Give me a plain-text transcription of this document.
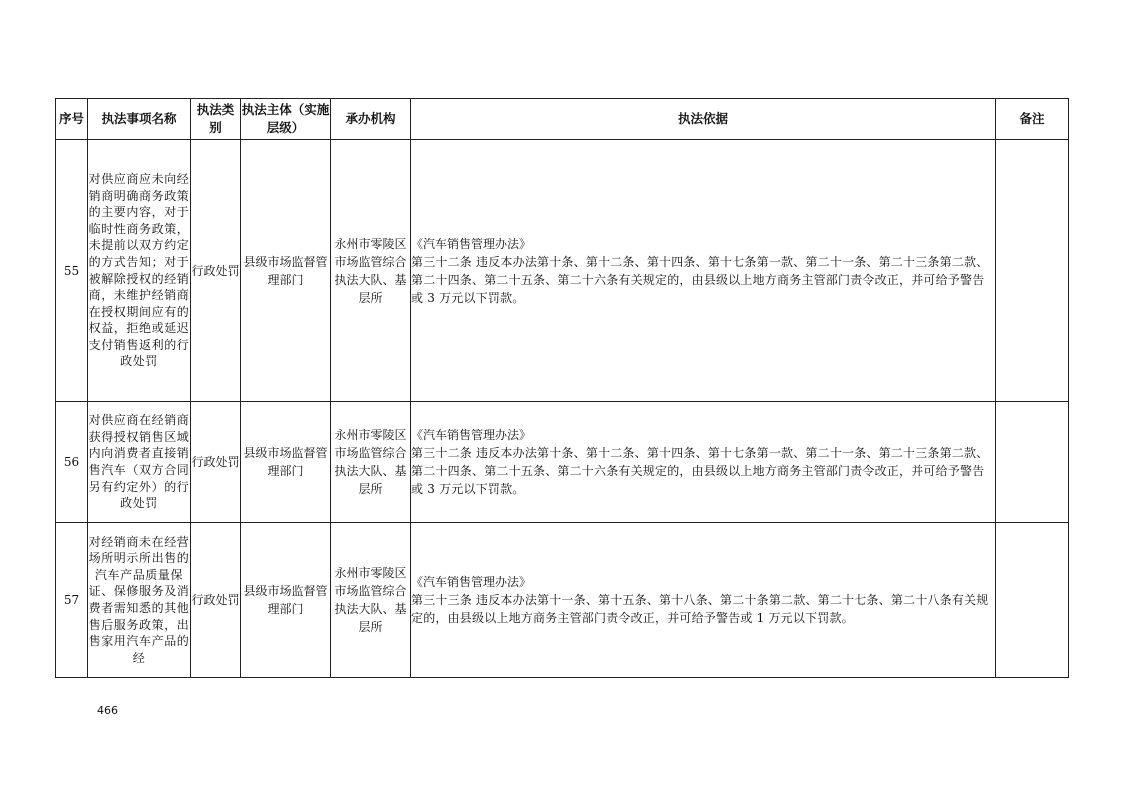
序号	执法事项名称	执法类别	执法主体（实施层级）	承办机构	执法依据	备注
55	对供应商应未向经销商明确商务政策的主要内容，对于临时性商务政策，未提前以双方约定的方式告知；对于被解除授权的经销商，未维护经销商在授权期间应有的权益，拒绝或延迟支付销售返利的行政处罚	行政处罚	县级市场监督管理部门	永州市零陵区市场监管综合执法大队、基层所	《汽车销售管理办法》
第三十二条 违反本办法第十条、第十二条、第十四条、第十七条第一款、第二十一条、第二十三条第二款、第二十四条、第二十五条、第二十六条有关规定的，由县级以上地方商务主管部门责令改正，并可给予警告或 3 万元以下罚款。	

56	对供应商在经销商获得授权销售区域内向消费者直接销售汽车（双方合同另有约定外）的行政处罚	行政处罚	县级市场监督管理部门	永州市零陵区市场监管综合执法大队、基层所	《汽车销售管理办法》
第三十二条 违反本办法第十条、第十二条、第十四条、第十七条第一款、第二十一条、第二十三条第二款、第二十四条、第二十五条、第二十六条有关规定的，由县级以上地方商务主管部门责令改正，并可给予警告或 3 万元以下罚款。	

57	对经销商未在经营场所明示所出售的汽车产品质量保证、保修服务及消费者需知悉的其他售后服务政策，出售家用汽车产品的经	行政处罚	县级市场监督管理部门	永州市零陵区市场监管综合执法大队、基层所	《汽车销售管理办法》
第三十三条 违反本办法第十一条、第十五条、第十八条、第二十条第二款、第二十七条、第二十八条有关规定的，由县级以上地方商务主管部门责令改正，并可给予警告或 1 万元以下罚款。	

466
